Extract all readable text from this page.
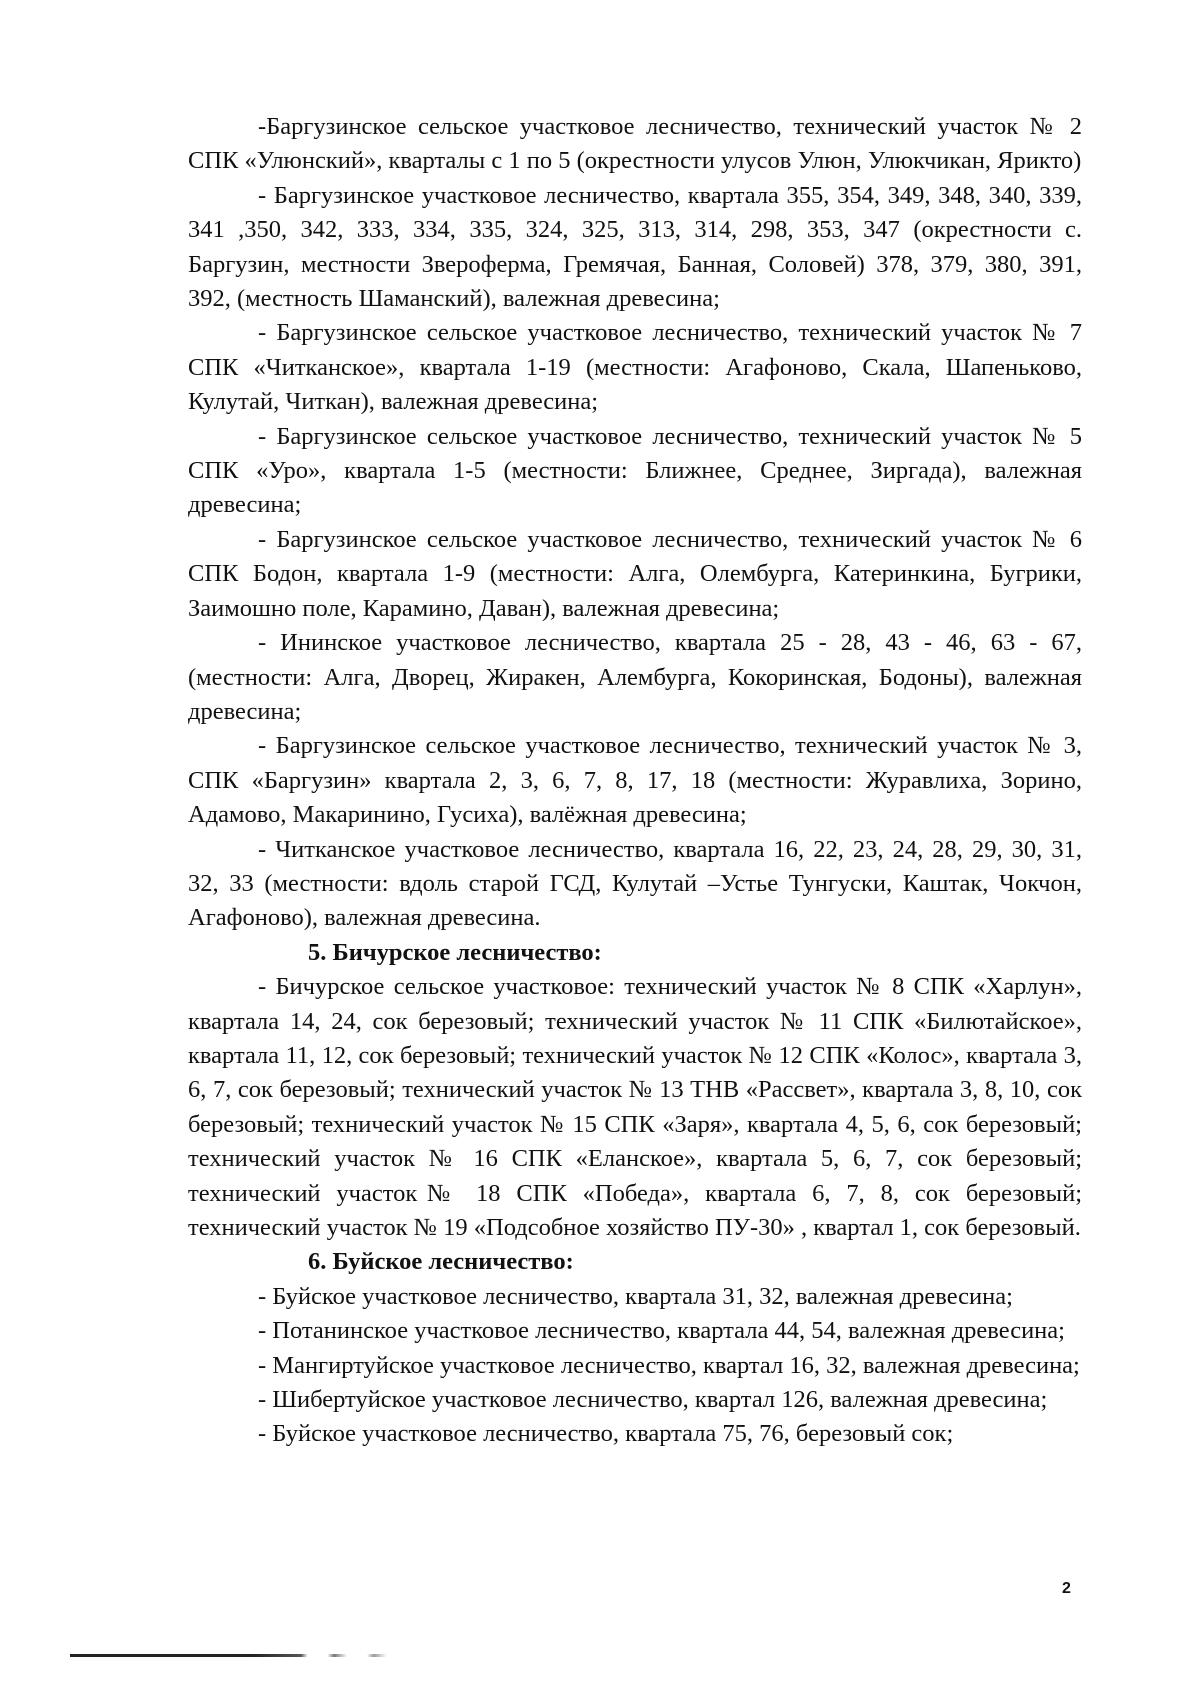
-Баргузинское сельское участковое лесничество, технический участок № 2 СПК «Улюнский», кварталы с 1 по 5 (окрестности улусов Улюн, Улюкчикан, Ярикто)

- Баргузинское участковое лесничество, квартала 355, 354, 349, 348, 340, 339, 341 ,350, 342, 333, 334, 335, 324, 325, 313, 314, 298, 353, 347 (окрестности с. Баргузин, местности Звероферма, Гремячая, Банная, Соловей) 378, 379, 380, 391, 392, (местность Шаманский), валежная древесина;

- Баргузинское сельское участковое лесничество, технический участок № 7 СПК «Читканское», квартала 1-19 (местности: Агафоново, Скала, Шапеньково, Кулутай, Читкан), валежная древесина;

- Баргузинское сельское участковое лесничество, технический участок № 5 СПК «Уро», квартала 1-5 (местности: Ближнее, Среднее, Зиргада), валежная древесина;

- Баргузинское сельское участковое лесничество, технический участок № 6 СПК Бодон, квартала 1-9 (местности: Алга, Олембурга, Катеринкина, Бугрики, Заимошно поле, Карамино, Даван), валежная древесина;

- Ининское участковое лесничество, квартала 25 - 28, 43 - 46, 63 - 67, (местности: Алга, Дворец, Жиракен, Алембурга, Кокоринская, Бодоны), валежная древесина;

- Баргузинское сельское участковое лесничество, технический участок № 3, СПК «Баргузин» квартала 2, 3, 6, 7, 8, 17, 18 (местности: Журавлиха, Зорино, Адамово, Макаринино, Гусиха), валёжная древесина;

- Читканское участковое лесничество, квартала 16, 22, 23, 24, 28, 29, 30, 31, 32, 33 (местности: вдоль старой ГСД, Кулутай –Устье Тунгуски, Каштак, Чокчон, Агафоново), валежная древесина.

5. Бичурское лесничество:

- Бичурское сельское участковое: технический участок № 8 СПК «Харлун», квартала 14, 24, сок березовый; технический участок № 11 СПК «Билютайское», квартала 11, 12, сок березовый; технический участок № 12 СПК «Колос», квартала 3, 6, 7, сок березовый; технический участок № 13 ТНВ «Рассвет», квартала 3, 8, 10, сок березовый; технический участок № 15 СПК «Заря», квартала 4, 5, 6, сок березовый; технический участок № 16 СПК «Еланское», квартала 5, 6, 7, сок березовый; технический участок№ 18 СПК «Победа», квартала 6, 7, 8, сок березовый; технический участок № 19 «Подсобное хозяйство ПУ-30» , квартал 1, сок березовый.

6. Буйское лесничество:

- Буйское участковое лесничество, квартала 31, 32, валежная древесина;

- Потанинское участковое лесничество, квартала 44, 54, валежная древесина;

- Мангиртуйское участковое лесничество, квартал 16, 32, валежная древесина;

- Шибертуйское участковое лесничество, квартал 126, валежная древесина;

- Буйское участковое лесничество, квартала 75, 76, березовый сок;

2
